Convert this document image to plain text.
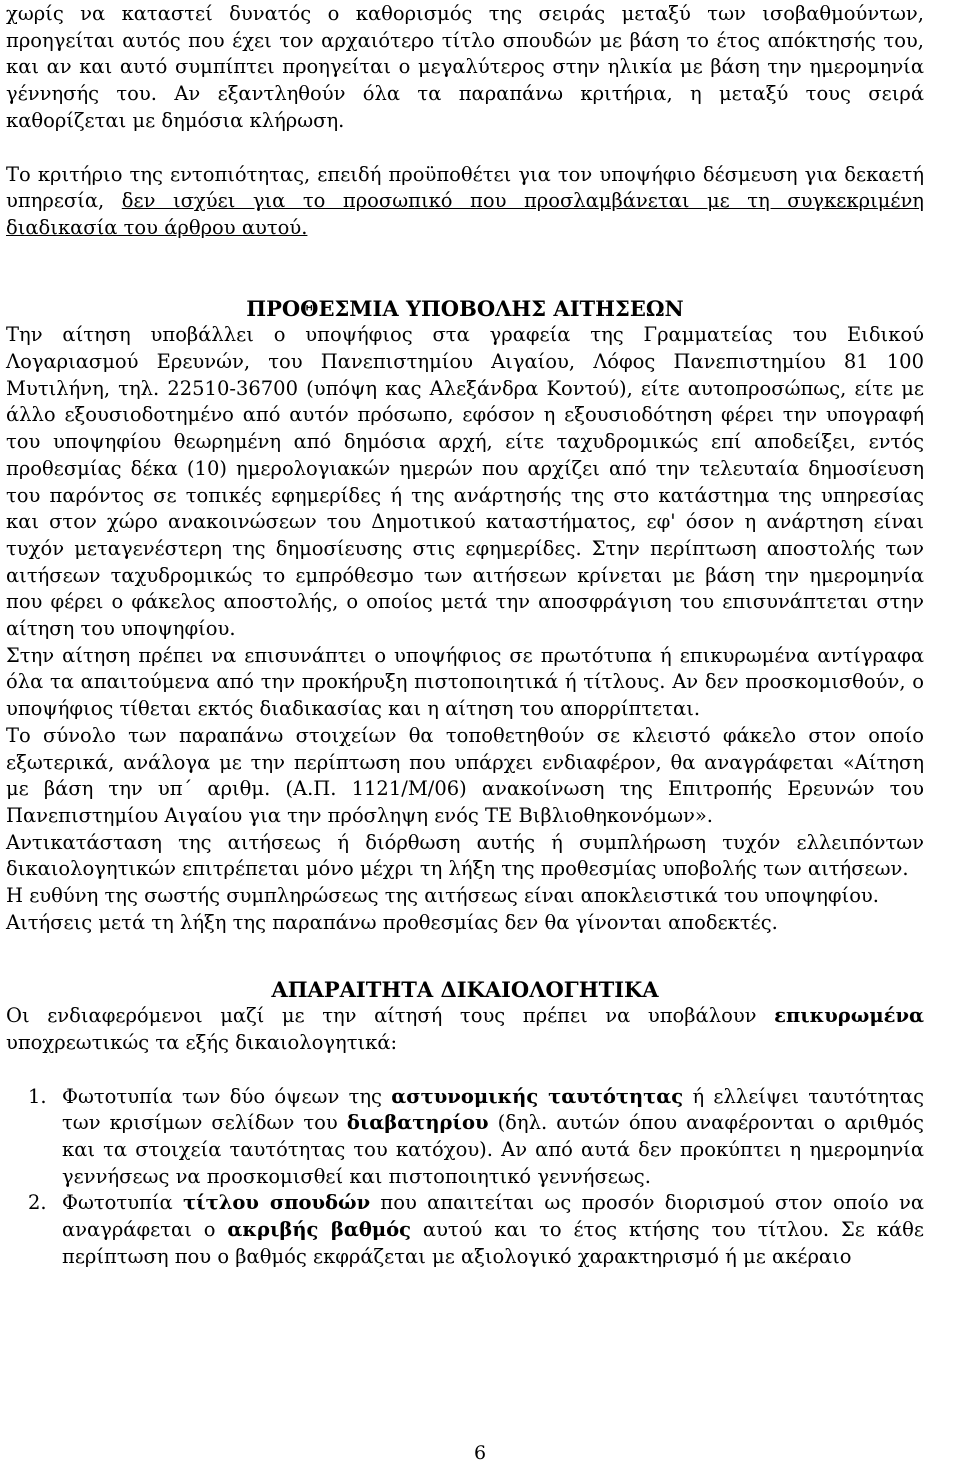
χωρίς να καταστεί δυνατός ο καθορισμός της σειράς μεταξύ των ισοβαθμούντων, προηγείται αυτός που έχει τον αρχαιότερο τίτλο σπουδών με βάση το έτος απόκτησής του, και αν και αυτό συμπίπτει προηγείται ο μεγαλύτερος στην ηλικία με βάση την ημερομηνία γέννησής του. Αν εξαντληθούν όλα τα παραπάνω κριτήρια, η μεταξύ τους σειρά καθορίζεται με δημόσια κλήρωση.

Το κριτήριο της εντοπιότητας, επειδή προϋποθέτει για τον υποψήφιο δέσμευση για δεκαετή υπηρεσία, δεν ισχύει για το προσωπικό που προσλαμβάνεται με τη συγκεκριμένη διαδικασία του άρθρου αυτού.

ΠΡΟΘΕΣΜΙΑ ΥΠΟΒΟΛΗΣ ΑΙΤΗΣΕΩΝ

Την αίτηση υποβάλλει ο υποψήφιος στα γραφεία της Γραμματείας του Ειδικού Λογαριασμού Ερευνών, του Πανεπιστημίου Αιγαίου, Λόφος Πανεπιστημίου 81 100 Μυτιλήνη, τηλ. 22510-36700 (υπόψη κας Αλεξάνδρα Κοντού), είτε αυτοπροσώπως, είτε με άλλο εξουσιοδοτημένο από αυτόν πρόσωπο, εφόσον η εξουσιοδότηση φέρει την υπογραφή του υποψηφίου θεωρημένη από δημόσια αρχή, είτε ταχυδρομικώς επί αποδείξει, εντός προθεσμίας δέκα (10) ημερολογιακών ημερών που αρχίζει από την τελευταία δημοσίευση του παρόντος σε τοπικές εφημερίδες ή της ανάρτησής της στο κατάστημα της υπηρεσίας και στον χώρο ανακοινώσεων του Δημοτικού καταστήματος, εφ' όσον η ανάρτηση είναι τυχόν μεταγενέστερη της δημοσίευσης στις εφημερίδες. Στην περίπτωση αποστολής των αιτήσεων ταχυδρομικώς το εμπρόθεσμο των αιτήσεων κρίνεται με βάση την ημερομηνία που φέρει ο φάκελος αποστολής, ο οποίος μετά την αποσφράγιση του επισυνάπτεται στην αίτηση του υποψηφίου.

Στην αίτηση πρέπει να επισυνάπτει ο υποψήφιος σε πρωτότυπα ή επικυρωμένα αντίγραφα όλα τα απαιτούμενα από την προκήρυξη πιστοποιητικά ή τίτλους. Αν δεν προσκομισθούν, ο υποψήφιος τίθεται εκτός διαδικασίας και η αίτηση του απορρίπτεται.

Το σύνολο των παραπάνω στοιχείων θα τοποθετηθούν σε κλειστό φάκελο στον οποίο εξωτερικά, ανάλογα με την περίπτωση που υπάρχει ενδιαφέρον, θα αναγράφεται «Αίτηση με βάση την υπ΄ αριθμ. (Α.Π. 1121/Μ/06) ανακοίνωση της Επιτροπής Ερευνών του Πανεπιστημίου Αιγαίου για την πρόσληψη ενός ΤΕ Βιβλιοθηκονόμων».

Αντικατάσταση της αιτήσεως ή διόρθωση αυτής ή συμπλήρωση τυχόν ελλειπόντων δικαιολογητικών επιτρέπεται μόνο μέχρι τη λήξη της προθεσμίας υποβολής των αιτήσεων.

Η ευθύνη της σωστής συμπληρώσεως της αιτήσεως είναι αποκλειστικά του υποψηφίου.

Αιτήσεις μετά τη λήξη της παραπάνω προθεσμίας δεν θα γίνονται αποδεκτές.

ΑΠΑΡΑΙΤΗΤΑ ΔΙΚΑΙΟΛΟΓΗΤΙΚΑ

Οι ενδιαφερόμενοι μαζί με την αίτησή τους πρέπει να υποβάλουν επικυρωμένα υποχρεωτικώς τα εξής δικαιολογητικά:

1. Φωτοτυπία των δύο όψεων της αστυνομικής ταυτότητας ή ελλείψει ταυτότητας των κρισίμων σελίδων του διαβατηρίου (δηλ. αυτών όπου αναφέρονται ο αριθμός και τα στοιχεία ταυτότητας του κατόχου). Αν από αυτά δεν προκύπτει η ημερομηνία γεννήσεως να προσκομισθεί και πιστοποιητικό γεννήσεως.
2. Φωτοτυπία τίτλου σπουδών που απαιτείται ως προσόν διορισμού στον οποίο να αναγράφεται ο ακριβής βαθμός αυτού και το έτος κτήσης του τίτλου. Σε κάθε περίπτωση που ο βαθμός εκφράζεται με αξιολογικό χαρακτηρισμό ή με ακέραιο
6
